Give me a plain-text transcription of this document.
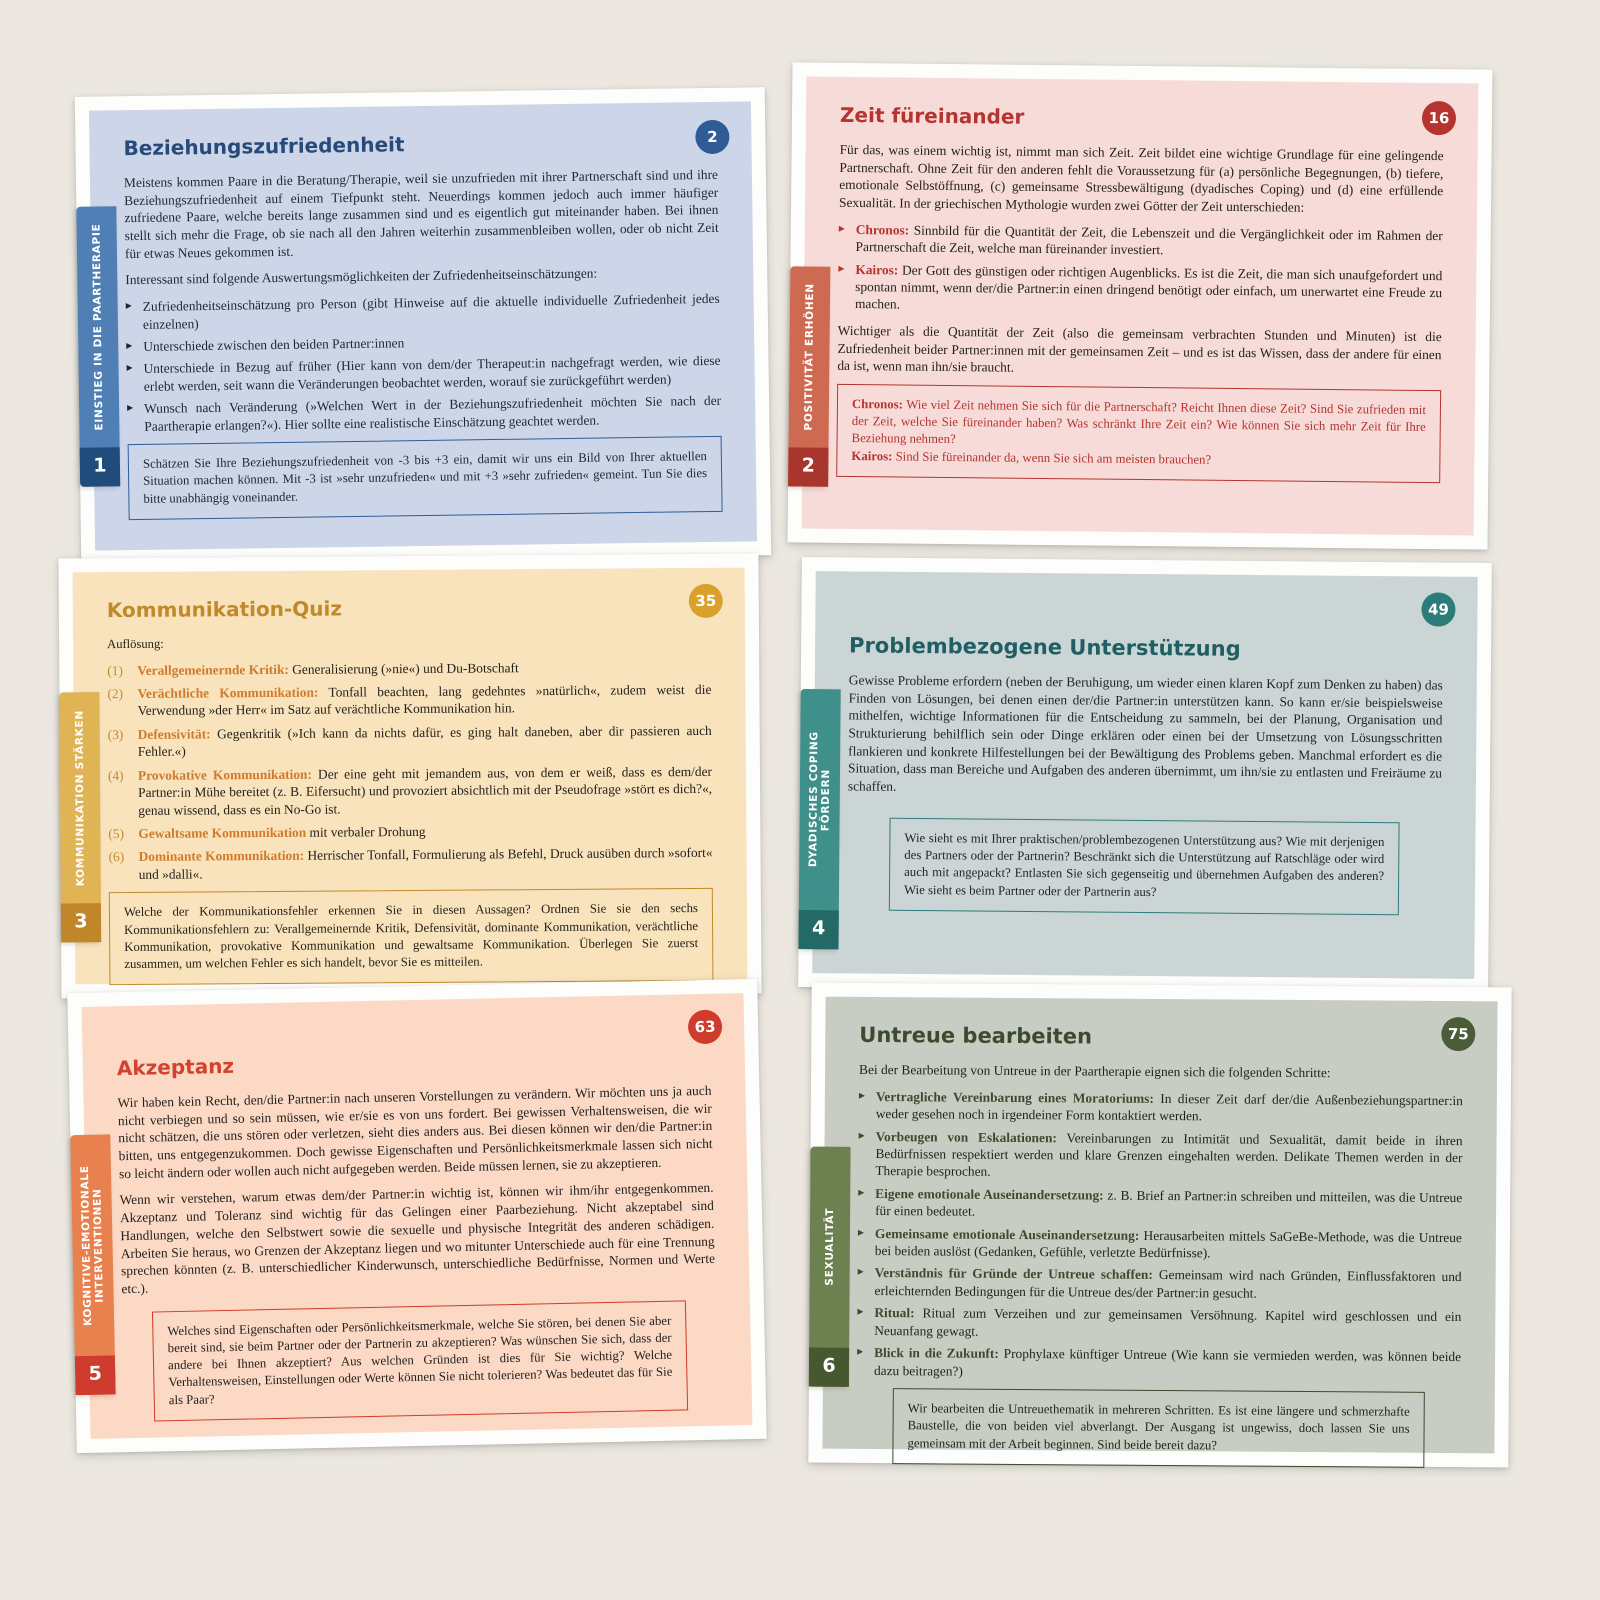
2
EINSTIEG IN DIE PAARTHERAPIE
1
Beziehungszufriedenheit

Meistens kommen Paare in die Beratung/Therapie, weil sie unzufrieden mit ihrer Partnerschaft sind und ihre Beziehungszufriedenheit auf einem Tiefpunkt steht. Neuerdings kommen jedoch auch immer häufiger zufriedene Paare, welche bereits lange zusammen sind und es eigentlich gut miteinander haben. Bei ihnen stellt sich mehr die Frage, ob sie nach all den Jahren weiterhin zusammenbleiben wollen, oder ob nicht Zeit für etwas Neues gekommen ist.

Interessant sind folgende Auswertungsmöglichkeiten der Zufriedenheitseinschätzungen:

▸ Zufriedenheitseinschätzung pro Person (gibt Hinweise auf die aktuelle individuelle Zufriedenheit jedes einzelnen)
▸ Unterschiede zwischen den beiden Partner:innen
▸ Unterschiede in Bezug auf früher (Hier kann von dem/der Therapeut:in nachgefragt werden, wie diese erlebt werden, seit wann die Veränderungen beobachtet werden, worauf sie zurückgeführt werden)
▸ Wunsch nach Veränderung (»Welchen Wert in der Beziehungszufriedenheit möchten Sie nach der Paartherapie erlangen?«). Hier sollte eine realistische Einschätzung geachtet werden.
Schätzen Sie Ihre Beziehungszufriedenheit von -3 bis +3 ein, damit wir uns ein Bild von Ihrer aktuellen Situation machen können. Mit -3 ist »sehr unzufrieden« und mit +3 »sehr zufrieden« gemeint. Tun Sie dies bitte unabhängig voneinander.
16
POSITIVITÄT ERHÖHEN
2
Zeit füreinander

Für das, was einem wichtig ist, nimmt man sich Zeit. Zeit bildet eine wichtige Grundlage für eine gelingende Partnerschaft. Ohne Zeit für den anderen fehlt die Voraussetzung für (a) persönliche Begegnungen, (b) tiefere, emotionale Selbstöffnung, (c) gemeinsame Stressbewältigung (dyadisches Coping) und (d) eine erfüllende Sexualität. In der griechischen Mythologie wurden zwei Götter der Zeit unterschieden:

▸ Chronos: Sinnbild für die Quantität der Zeit, die Lebenszeit und die Vergänglichkeit oder im Rahmen der Partnerschaft die Zeit, welche man füreinander investiert.
▸ Kairos: Der Gott des günstigen oder richtigen Augenblicks. Es ist die Zeit, die man sich unaufgefordert und spontan nimmt, wenn der/die Partner:in einen dringend benötigt oder einfach, um unerwartet eine Freude zu machen.

Wichtiger als die Quantität der Zeit (also die gemeinsam verbrachten Stunden und Minuten) ist die Zufriedenheit beider Partner:innen mit der gemeinsamen Zeit – und es ist das Wissen, dass der andere für einen da ist, wenn man ihn/sie braucht.

Chronos: Wie viel Zeit nehmen Sie sich für die Partnerschaft? Reicht Ihnen diese Zeit? Sind Sie zufrieden mit der Zeit, welche Sie füreinander haben? Was schränkt Ihre Zeit ein? Wie können Sie sich mehr Zeit für Ihre Beziehung nehmen?
Kairos: Sind Sie füreinander da, wenn Sie sich am meisten brauchen?
35
KOMMUNIKATION STÄRKEN
3
Kommunikation-Quiz

Auflösung:

(1) Verallgemeinernde Kritik: Generalisierung (»nie«) und Du-Botschaft
(2) Verächtliche Kommunikation: Tonfall beachten, lang gedehntes »natürlich«, zudem weist die Verwendung »der Herr« im Satz auf verächtliche Kommunikation hin.
(3) Defensivität: Gegenkritik (»Ich kann da nichts dafür, es ging halt daneben, aber dir passieren auch Fehler.«)
(4) Provokative Kommunikation: Der eine geht mit jemandem aus, von dem er weiß, dass es dem/der Partner:in Mühe bereitet (z. B. Eifersucht) und provoziert absichtlich mit der Pseudofrage »stört es dich?«, genau wissend, dass es ein No-Go ist.
(5) Gewaltsame Kommunikation mit verbaler Drohung
(6) Dominante Kommunikation: Herrischer Tonfall, Formulierung als Befehl, Druck ausüben durch »sofort« und »dalli«.
Welche der Kommunikationsfehler erkennen Sie in diesen Aussagen? Ordnen Sie sie den sechs Kommunikationsfehlern zu: Verallgemeinernde Kritik, Defensivität, dominante Kommunikation, verächtliche Kommunikation, provokative Kommunikation und gewaltsame Kommunikation. Überlegen Sie zuerst zusammen, um welchen Fehler es sich handelt, bevor Sie es mitteilen.
49
DYADISCHES COPING FÖRDERN
4
Problembezogene Unterstützung

Gewisse Probleme erfordern (neben der Beruhigung, um wieder einen klaren Kopf zum Denken zu haben) das Finden von Lösungen, bei denen einen der/die Partner:in unterstützen kann. So kann er/sie beispielsweise mithelfen, wichtige Informationen für die Entscheidung zu sammeln, bei der Planung, Organisation und Strukturierung behilflich sein oder Dinge erklären oder einen bei der Umsetzung von Lösungsschritten flankieren und konkrete Hilfestellungen bei der Bewältigung des Problems geben. Manchmal erfordert es die Situation, dass man Bereiche und Aufgaben des anderen übernimmt, um ihn/sie zu entlasten und Freiräume zu schaffen.

Wie sieht es mit Ihrer praktischen/problembezogenen Unterstützung aus? Wie mit derjenigen des Partners oder der Partnerin? Beschränkt sich die Unterstützung auf Ratschläge oder wird auch mit angepackt? Entlasten Sie sich gegenseitig und übernehmen Aufgaben des anderen? Wie sieht es beim Partner oder der Partnerin aus?
63
KOGNITIVE-EMOTIONALE INTERVENTIONEN
5
Akzeptanz

Wir haben kein Recht, den/die Partner:in nach unseren Vorstellungen zu verändern. Wir möchten uns ja auch nicht verbiegen und so sein müssen, wie er/sie es von uns fordert. Bei gewissen Verhaltensweisen, die wir nicht schätzen, die uns stören oder verletzen, sieht dies anders aus. Bei diesen können wir den/die Partner:in bitten, uns entgegenzukommen. Doch gewisse Eigenschaften und Persönlichkeitsmerkmale lassen sich nicht so leicht ändern oder wollen auch nicht aufgegeben werden. Beide müssen lernen, sie zu akzeptieren.

Wenn wir verstehen, warum etwas dem/der Partner:in wichtig ist, können wir ihm/ihr entgegenkommen. Akzeptanz und Toleranz sind wichtig für das Gelingen einer Paarbeziehung. Nicht akzeptabel sind Handlungen, welche den Selbstwert sowie die sexuelle und physische Integrität des anderen schädigen. Arbeiten Sie heraus, wo Grenzen der Akzeptanz liegen und wo mitunter Unterschiede auch für eine Trennung sprechen könnten (z. B. unterschiedlicher Kinderwunsch, unterschiedliche Bedürfnisse, Normen und Werte etc.).

Welches sind Eigenschaften oder Persönlichkeitsmerkmale, welche Sie stören, bei denen Sie aber bereit sind, sie beim Partner oder der Partnerin zu akzeptieren? Was wünschen Sie sich, dass der andere bei Ihnen akzeptiert? Aus welchen Gründen ist dies für Sie wichtig? Welche Verhaltensweisen, Einstellungen oder Werte können Sie nicht tolerieren? Was bedeutet das für Sie als Paar?
75
SEXUALITÄT
6
Untreue bearbeiten

Bei der Bearbeitung von Untreue in der Paartherapie eignen sich die folgenden Schritte:

▸ Vertragliche Vereinbarung eines Moratoriums: In dieser Zeit darf der/die Außenbeziehungspartner:in weder gesehen noch in irgendeiner Form kontaktiert werden.
▸ Vorbeugen von Eskalationen: Vereinbarungen zu Intimität und Sexualität, damit beide in ihren Bedürfnissen respektiert werden und klare Grenzen eingehalten werden. Delikate Themen werden in der Therapie besprochen.
▸ Eigene emotionale Auseinandersetzung: z. B. Brief an Partner:in schreiben und mitteilen, was die Untreue für einen bedeutet.
▸ Gemeinsame emotionale Auseinandersetzung: Herausarbeiten mittels SaGeBe-Methode, was die Untreue bei beiden auslöst (Gedanken, Gefühle, verletzte Bedürfnisse).
▸ Verständnis für Gründe der Untreue schaffen: Gemeinsam wird nach Gründen, Einflussfaktoren und erleichternden Bedingungen für die Untreue des/der Partner:in gesucht.
▸ Ritual: Ritual zum Verzeihen und zur gemeinsamen Versöhnung. Kapitel wird geschlossen und ein Neuanfang gewagt.
▸ Blick in die Zukunft: Prophylaxe künftiger Untreue (Wie kann sie vermieden werden, was können beide dazu beitragen?)
Wir bearbeiten die Untreuethematik in mehreren Schritten. Es ist eine längere und schmerzhafte Baustelle, die von beiden viel abverlangt. Der Ausgang ist ungewiss, doch lassen Sie uns gemeinsam mit der Arbeit beginnen. Sind beide bereit dazu?
